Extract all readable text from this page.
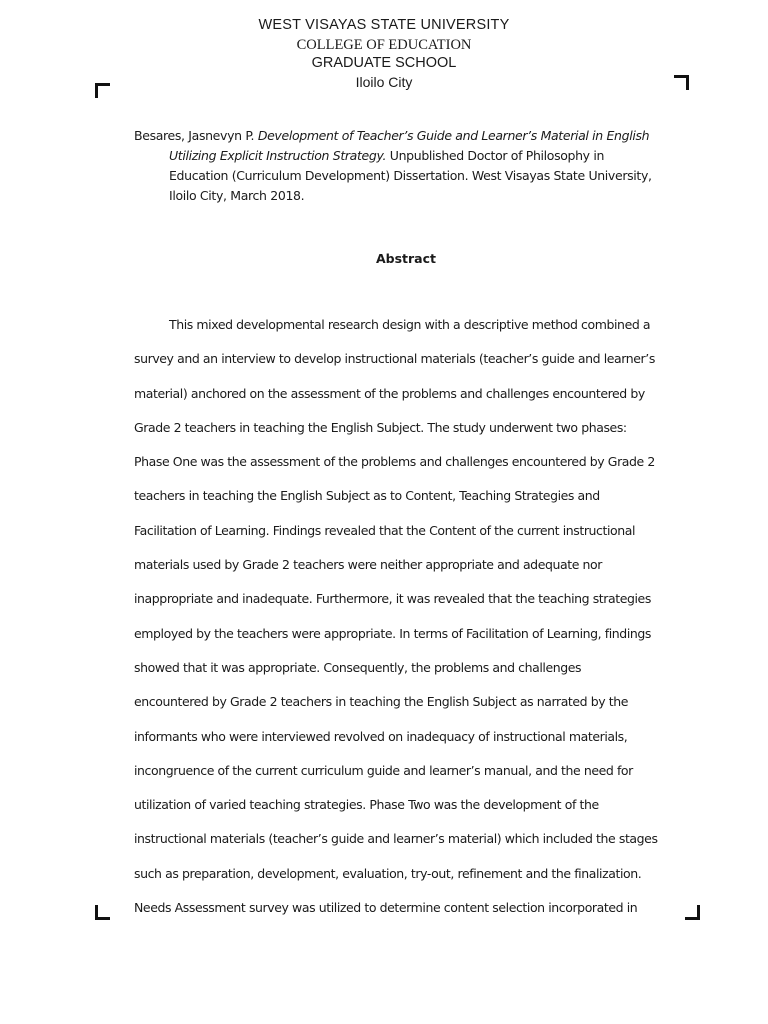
WEST VISAYAS STATE UNIVERSITY
COLLEGE OF EDUCATION
GRADUATE SCHOOL
Iloilo City
Besares, Jasnevyn P. Development of Teacher’s Guide and Learner’s Material in English
Utilizing Explicit Instruction Strategy. Unpublished Doctor of Philosophy in
Education (Curriculum Development) Dissertation. West Visayas State University,
Iloilo City, March 2018.
Abstract
This mixed developmental research design with a descriptive method combined a
survey and an interview to develop instructional materials (teacher’s guide and learner’s
material) anchored on the assessment of the problems and challenges encountered by
Grade 2 teachers in teaching the English Subject. The study underwent two phases:
Phase One was the assessment of the problems and challenges encountered by Grade 2
teachers in teaching the English Subject as to Content, Teaching Strategies and
Facilitation of Learning. Findings revealed that the Content of the current instructional
materials used by Grade 2 teachers were neither appropriate and adequate nor
inappropriate and inadequate. Furthermore, it was revealed that the teaching strategies
employed by the teachers were appropriate. In terms of Facilitation of Learning, findings
showed that it was appropriate. Consequently, the problems and challenges
encountered by Grade 2 teachers in teaching the English Subject as narrated by the
informants who were interviewed revolved on inadequacy of instructional materials,
incongruence of the current curriculum guide and learner’s manual, and the need for
utilization of varied teaching strategies. Phase Two was the development of the
instructional materials (teacher’s guide and learner’s material) which included the stages
such as preparation, development, evaluation, try-out, refinement and the finalization.
Needs Assessment survey was utilized to determine content selection incorporated in
